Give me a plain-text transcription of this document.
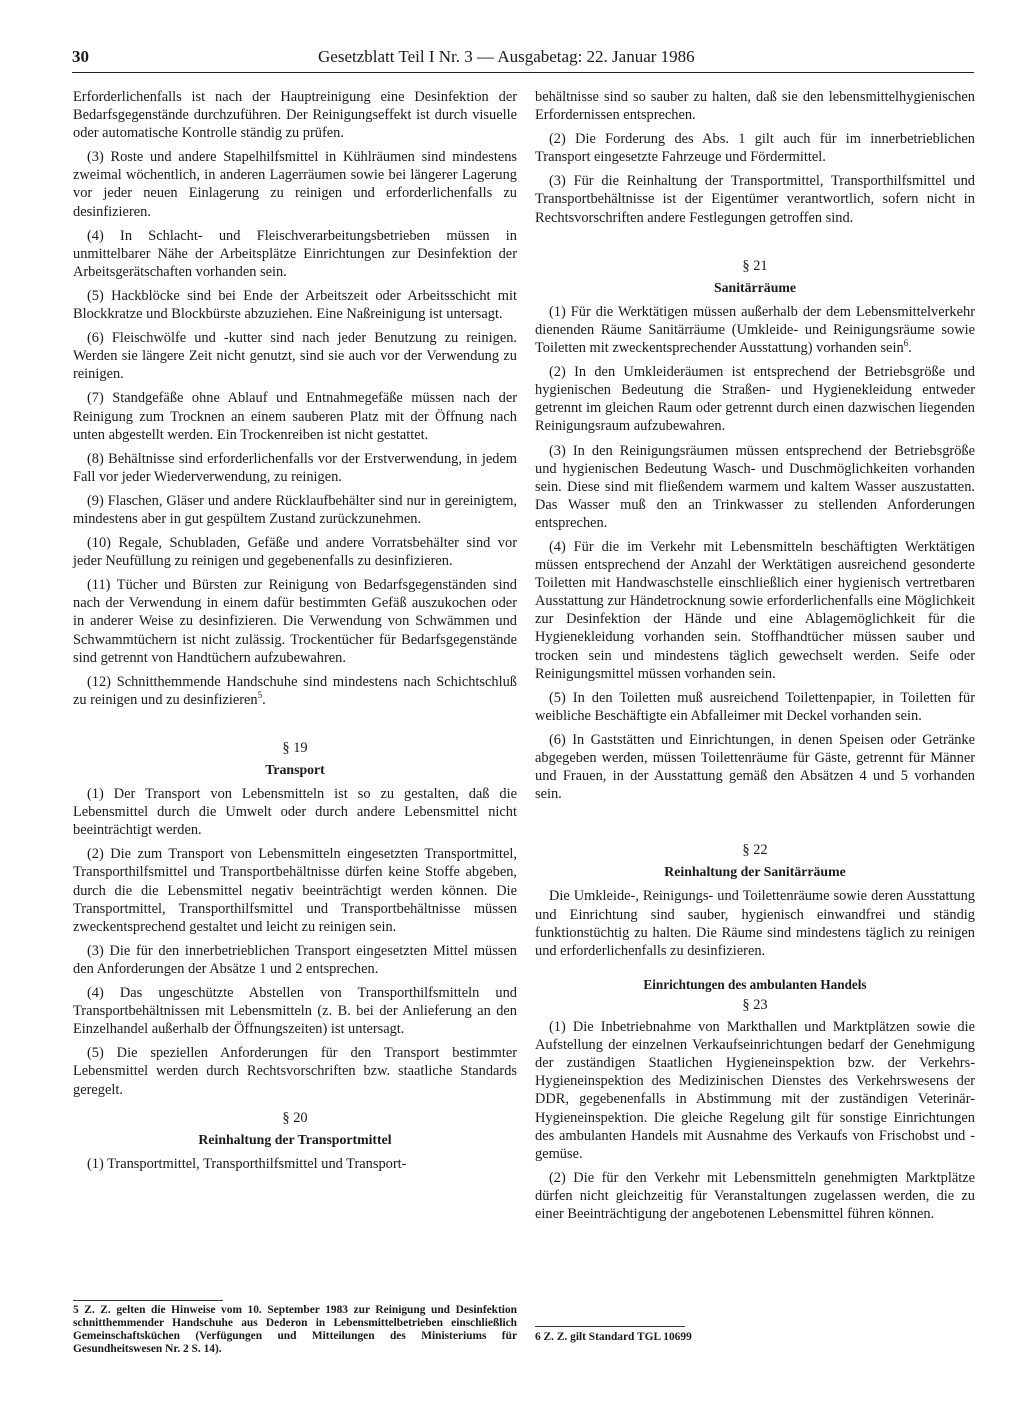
30	Gesetzblatt Teil I Nr. 3 — Ausgabetag: 22. Januar 1986

Erforderlichenfalls ist nach der Hauptreinigung eine Desinfektion der Bedarfsgegenstände durchzuführen. Der Reinigungseffekt ist durch visuelle oder automatische Kontrolle ständig zu prüfen.

(3) Roste und andere Stapelhilfsmittel in Kühlräumen sind mindestens zweimal wöchentlich, in anderen Lagerräumen sowie bei längerer Lagerung vor jeder neuen Einlagerung zu reinigen und erforderlichenfalls zu desinfizieren.

(4) In Schlacht- und Fleischverarbeitungsbetrieben müssen in unmittelbarer Nähe der Arbeitsplätze Einrichtungen zur Desinfektion der Arbeitsgerätschaften vorhanden sein.

(5) Hackblöcke sind bei Ende der Arbeitszeit oder Arbeitsschicht mit Blockkratze und Blockbürste abzuziehen. Eine Naßreinigung ist untersagt.

(6) Fleischwölfe und -kutter sind nach jeder Benutzung zu reinigen. Werden sie längere Zeit nicht genutzt, sind sie auch vor der Verwendung zu reinigen.

(7) Standgefäße ohne Ablauf und Entnahmegefäße müssen nach der Reinigung zum Trocknen an einem sauberen Platz mit der Öffnung nach unten abgestellt werden. Ein Trockenreiben ist nicht gestattet.

(8) Behältnisse sind erforderlichenfalls vor der Erstverwendung, in jedem Fall vor jeder Wiederverwendung, zu reinigen.

(9) Flaschen, Gläser und andere Rücklaufbehälter sind nur in gereinigtem, mindestens aber in gut gespültem Zustand zurückzunehmen.

(10) Regale, Schubladen, Gefäße und andere Vorratsbehälter sind vor jeder Neufüllung zu reinigen und gegebenenfalls zu desinfizieren.

(11) Tücher und Bürsten zur Reinigung von Bedarfsgegenständen sind nach der Verwendung in einem dafür bestimmten Gefäß auszukochen oder in anderer Weise zu desinfizieren. Die Verwendung von Schwämmen und Schwammtüchern ist nicht zulässig. Trockentücher für Bedarfsgegenstände sind getrennt von Handtüchern aufzubewahren.

(12) Schnitthemmende Handschuhe sind mindestens nach Schichtschluß zu reinigen und zu desinfizieren$^5$.

§ 19
Transport

(1) Der Transport von Lebensmitteln ist so zu gestalten, daß die Lebensmittel durch die Umwelt oder durch andere Lebensmittel nicht beeinträchtigt werden.

(2) Die zum Transport von Lebensmitteln eingesetzten Transportmittel, Transporthilfsmittel und Transportbehältnisse dürfen keine Stoffe abgeben, durch die die Lebensmittel negativ beeinträchtigt werden können. Die Transportmittel, Transporthilfsmittel und Transportbehältnisse müssen zweckentsprechend gestaltet und leicht zu reinigen sein.

(3) Die für den innerbetrieblichen Transport eingesetzten Mittel müssen den Anforderungen der Absätze 1 und 2 entsprechen.

(4) Das ungeschützte Abstellen von Transporthilfsmitteln und Transportbehältnissen mit Lebensmitteln (z. B. bei der Anlieferung an den Einzelhandel außerhalb der Öffnungszeiten) ist untersagt.

(5) Die speziellen Anforderungen für den Transport bestimmter Lebensmittel werden durch Rechtsvorschriften bzw. staatliche Standards geregelt.

§ 20
Reinhaltung der Transportmittel

(1) Transportmittel, Transporthilfsmittel und Transport-

5 Z. Z. gelten die Hinweise vom 10. September 1983 zur Reinigung und Desinfektion schnitthemmender Handschuhe aus Dederon in Lebensmittelbetrieben einschließlich Gemeinschaftsküchen (Verfügungen und Mitteilungen des Ministeriums für Gesundheitswesen Nr. 2 S. 14).

behältnisse sind so sauber zu halten, daß sie den lebensmittelhygienischen Erfordernissen entsprechen.

(2) Die Forderung des Abs. 1 gilt auch für im innerbetrieblichen Transport eingesetzte Fahrzeuge und Fördermittel.

(3) Für die Reinhaltung der Transportmittel, Transporthilfsmittel und Transportbehältnisse ist der Eigentümer verantwortlich, sofern nicht in Rechtsvorschriften andere Festlegungen getroffen sind.

§ 21
Sanitärräume

(1) Für die Werktätigen müssen außerhalb der dem Lebensmittelverkehr dienenden Räume Sanitärräume (Umkleide- und Reinigungsräume sowie Toiletten mit zweckentsprechender Ausstattung) vorhanden sein$^6$.

(2) In den Umkleideräumen ist entsprechend der Betriebsgröße und hygienischen Bedeutung die Straßen- und Hygienekleidung entweder getrennt im gleichen Raum oder getrennt durch einen dazwischen liegenden Reinigungsraum aufzubewahren.

(3) In den Reinigungsräumen müssen entsprechend der Betriebsgröße und hygienischen Bedeutung Wasch- und Duschmöglichkeiten vorhanden sein. Diese sind mit fließendem warmem und kaltem Wasser auszustatten. Das Wasser muß den an Trinkwasser zu stellenden Anforderungen entsprechen.

(4) Für die im Verkehr mit Lebensmitteln beschäftigten Werktätigen müssen entsprechend der Anzahl der Werktätigen ausreichend gesonderte Toiletten mit Handwaschstelle einschließlich einer hygienisch vertretbaren Ausstattung zur Händetrocknung sowie erforderlichenfalls eine Möglichkeit zur Desinfektion der Hände und eine Ablagemöglichkeit für die Hygienekleidung vorhanden sein. Stoffhandtücher müssen sauber und trocken sein und mindestens täglich gewechselt werden. Seife oder Reinigungsmittel müssen vorhanden sein.

(5) In den Toiletten muß ausreichend Toilettenpapier, in Toiletten für weibliche Beschäftigte ein Abfalleimer mit Deckel vorhanden sein.

(6) In Gaststätten und Einrichtungen, in denen Speisen oder Getränke abgegeben werden, müssen Toilettenräume für Gäste, getrennt für Männer und Frauen, in der Ausstattung gemäß den Absätzen 4 und 5 vorhanden sein.

§ 22
Reinhaltung der Sanitärräume

Die Umkleide-, Reinigungs- und Toilettenräume sowie deren Ausstattung und Einrichtung sind sauber, hygienisch einwandfrei und ständig funktionstüchtig zu halten. Die Räume sind mindestens täglich zu reinigen und erforderlichenfalls zu desinfizieren.

Einrichtungen des ambulanten Handels
§ 23

(1) Die Inbetriebnahme von Markthallen und Marktplätzen sowie die Aufstellung der einzelnen Verkaufseinrichtungen bedarf der Genehmigung der zuständigen Staatlichen Hygieneinspektion bzw. der Verkehrs-Hygieneinspektion des Medizinischen Dienstes des Verkehrswesens der DDR, gegebenenfalls in Abstimmung mit der zuständigen Veterinär-Hygieneinspektion. Die gleiche Regelung gilt für sonstige Einrichtungen des ambulanten Handels mit Ausnahme des Verkaufs von Frischobst und -gemüse.

(2) Die für den Verkehr mit Lebensmitteln genehmigten Marktplätze dürfen nicht gleichzeitig für Veranstaltungen zugelassen werden, die zu einer Beeinträchtigung der angebotenen Lebensmittel führen können.

6 Z. Z. gilt Standard TGL 10699
